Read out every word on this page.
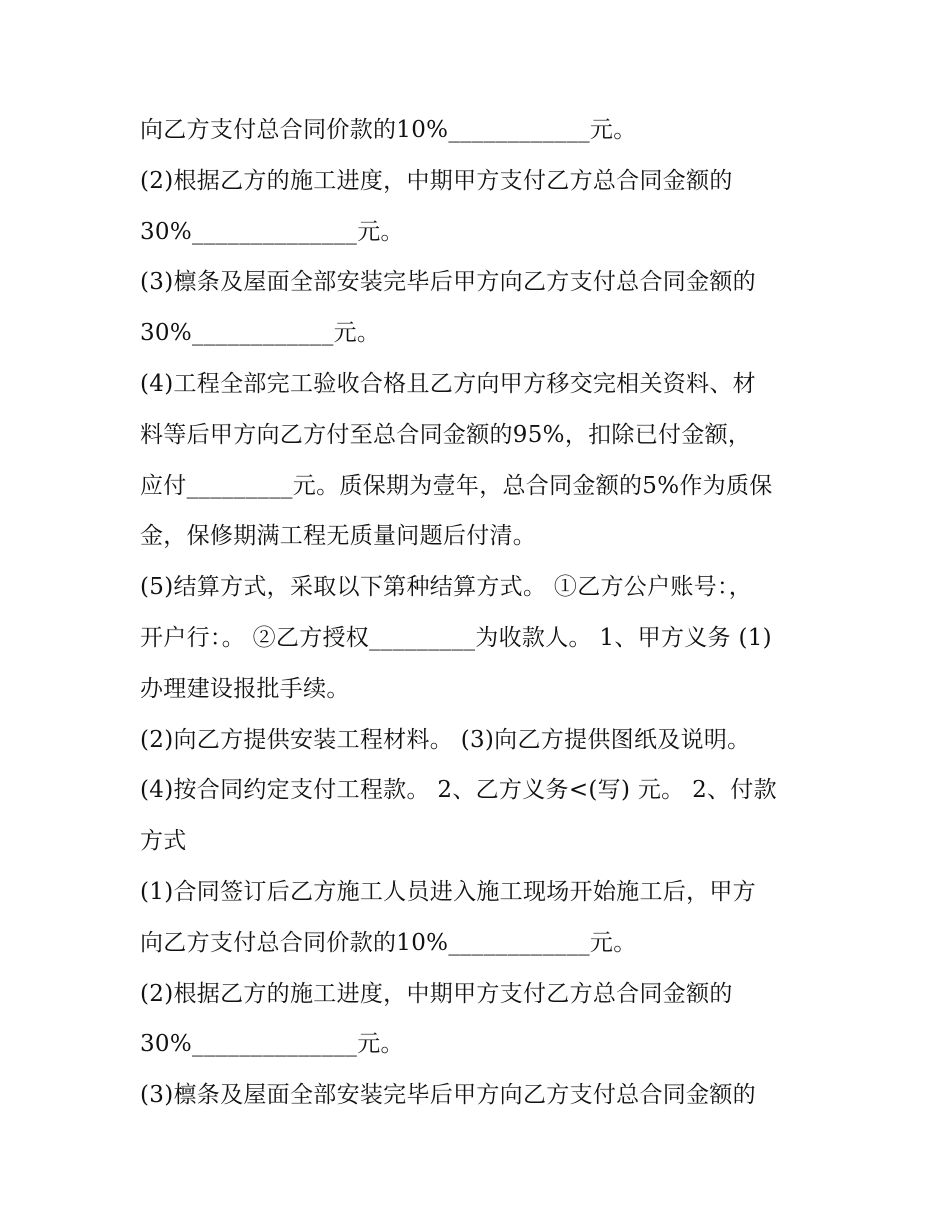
向乙方支付总合同价款的10%____________元。
(2)根据乙方的施工进度，中期甲方支付乙方总合同金额的
30%______________元。
(3)檩条及屋面全部安装完毕后甲方向乙方支付总合同金额的
30%____________元。
(4)工程全部完工验收合格且乙方向甲方移交完相关资料、材
料等后甲方向乙方付至总合同金额的95%，扣除已付金额，
应付_________元。质保期为壹年，总合同金额的5%作为质保
金，保修期满工程无质量问题后付清。
(5)结算方式，采取以下第种结算方式。 ①乙方公户账号：，
开户行：。 ②乙方授权_________为收款人。 1、甲方义务 (1)
办理建设报批手续。
(2)向乙方提供安装工程材料。 (3)向乙方提供图纸及说明。
(4)按合同约定支付工程款。 2、乙方义务<(写) 元。 2、付款
方式
(1)合同签订后乙方施工人员进入施工现场开始施工后，甲方
向乙方支付总合同价款的10%____________元。
(2)根据乙方的施工进度，中期甲方支付乙方总合同金额的
30%______________元。
(3)檩条及屋面全部安装完毕后甲方向乙方支付总合同金额的
